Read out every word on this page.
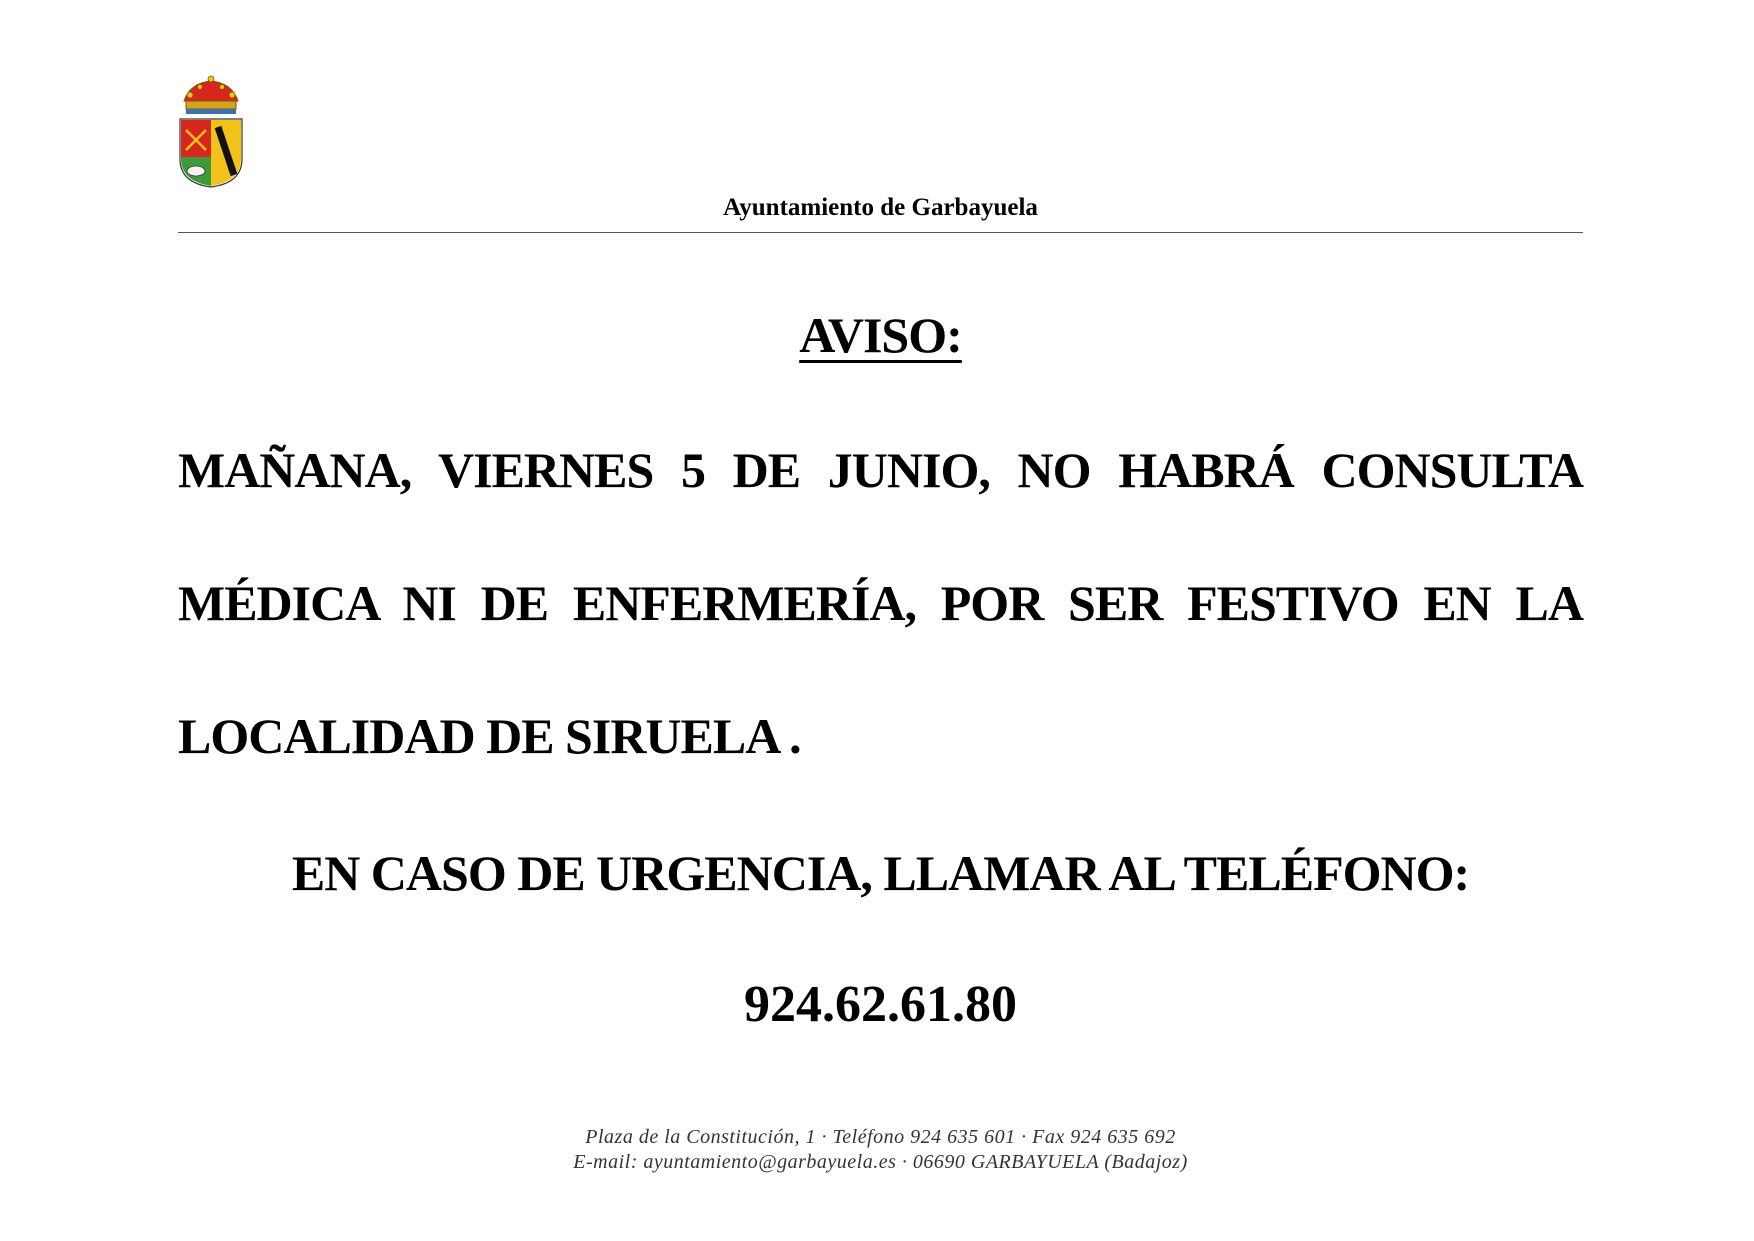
Ayuntamiento de Garbayuela
AVISO:
MAÑANA, VIERNES 5 DE JUNIO, NO HABRÁ CONSULTA
MÉDICA NI DE ENFERMERÍA, POR SER FESTIVO EN LA
LOCALIDAD DE SIRUELA .
EN CASO DE URGENCIA, LLAMAR AL TELÉFONO:
924.62.61.80
Plaza de la Constitución, 1 · Teléfono 924 635 601 · Fax 924 635 692
E-mail: ayuntamiento@garbayuela.es · 06690 GARBAYUELA (Badajoz)
